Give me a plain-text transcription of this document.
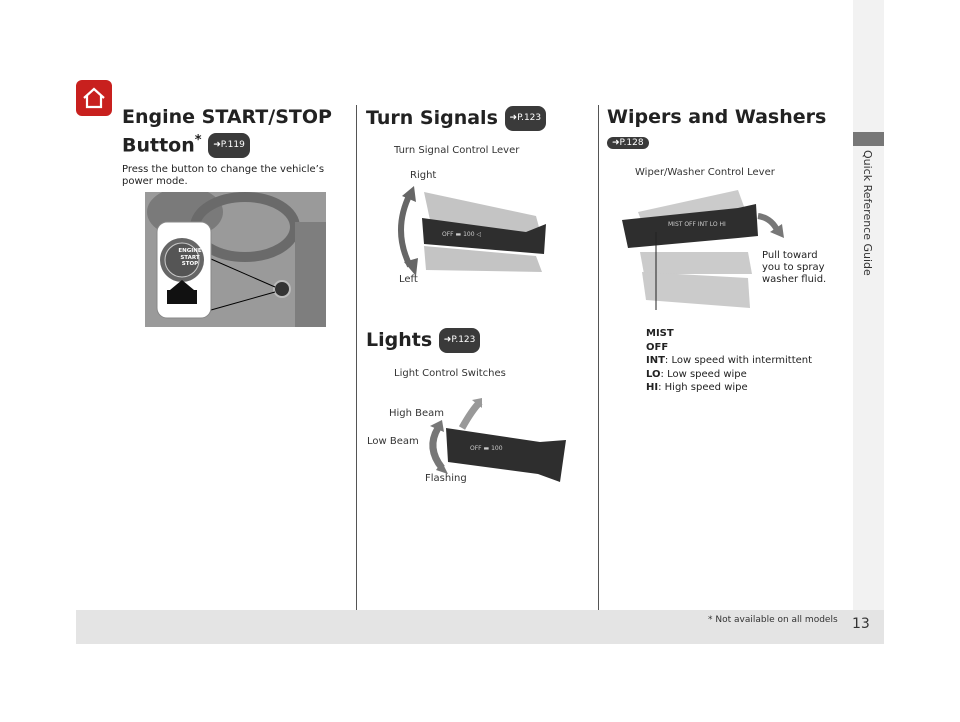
Quick Reference Guide
Engine START/STOP
Button* ➜P.119
Press the button to change the vehicle’s power mode.
ENGINE
START
STOP
Turn Signals ➜P.123
Turn Signal Control Lever
Right
Left
OFF ▬ 100 ◁
Lights ➜P.123
Light Control Switches
High Beam
Low Beam
Flashing
OFF ▬ 100
Wipers and Washers
➜P.128
Wiper/Washer Control Lever
MIST OFF INT LO HI
Pull toward
you to spray
washer fluid.
MIST
OFF
INT: Low speed with intermittent
LO: Low speed wipe
HI: High speed wipe
* Not available on all models 13
